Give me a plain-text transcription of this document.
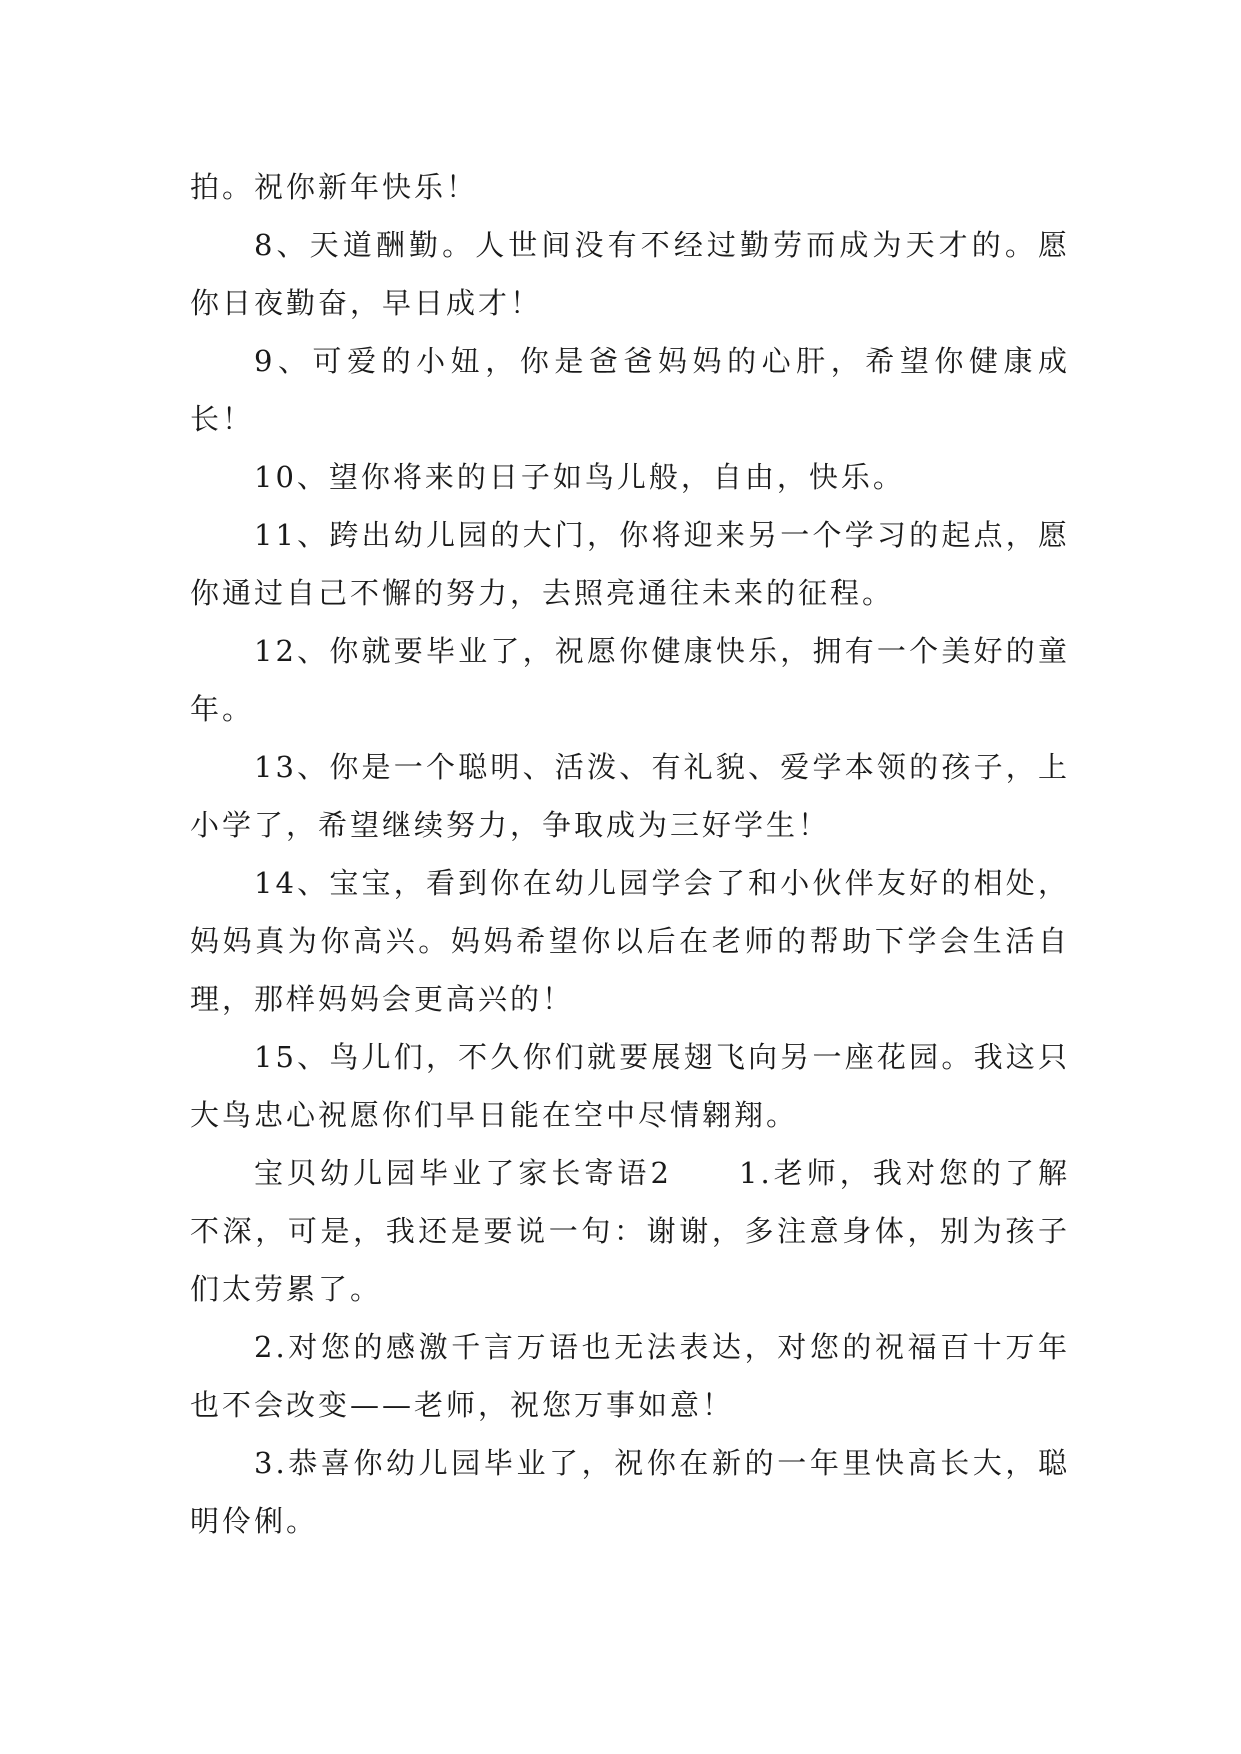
拍。祝你新年快乐！

8、天道酬勤。人世间没有不经过勤劳而成为天才的。愿你日夜勤奋，早日成才！

9、可爱的小妞，你是爸爸妈妈的心肝，希望你健康成长！

10、望你将来的日子如鸟儿般，自由，快乐。

11、跨出幼儿园的大门，你将迎来另一个学习的起点，愿你通过自己不懈的努力，去照亮通往未来的征程。

12、你就要毕业了，祝愿你健康快乐，拥有一个美好的童年。

13、你是一个聪明、活泼、有礼貌、爱学本领的孩子，上小学了，希望继续努力，争取成为三好学生！

14、宝宝，看到你在幼儿园学会了和小伙伴友好的相处，妈妈真为你高兴。妈妈希望你以后在老师的帮助下学会生活自理，那样妈妈会更高兴的！

15、鸟儿们，不久你们就要展翅飞向另一座花园。我这只大鸟忠心祝愿你们早日能在空中尽情翱翔。

宝贝幼儿园毕业了家长寄语2　　1.老师，我对您的了解不深，可是，我还是要说一句：谢谢，多注意身体，别为孩子们太劳累了。

2.对您的感激千言万语也无法表达，对您的祝福百十万年也不会改变——老师，祝您万事如意！

3.恭喜你幼儿园毕业了，祝你在新的一年里快高长大，聪明伶俐。
